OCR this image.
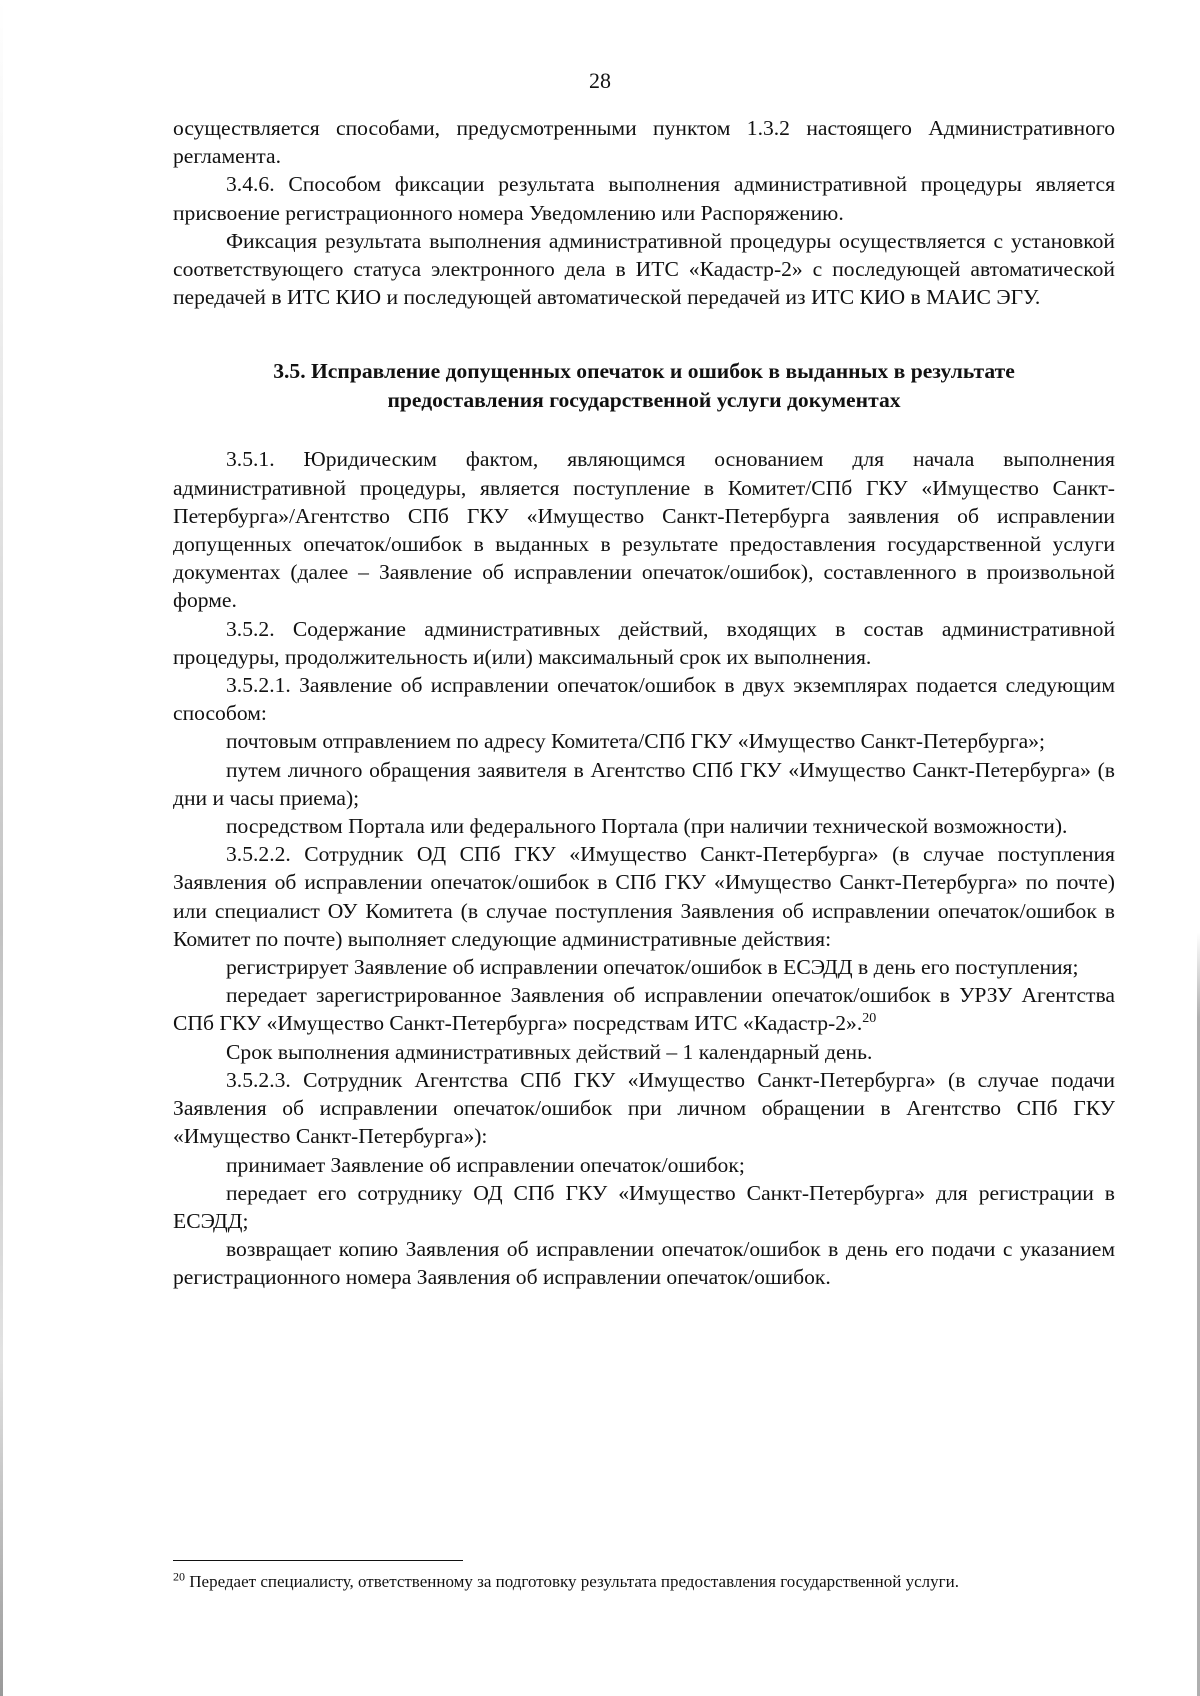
28

осуществляется способами, предусмотренными пунктом 1.3.2 настоящего Административного регламента.

3.4.6. Способом фиксации результата выполнения административной процедуры является присвоение регистрационного номера Уведомлению или Распоряжению.

Фиксация результата выполнения административной процедуры осуществляется с установкой соответствующего статуса электронного дела в ИТС «Кадастр-2» с последующей автоматической передачей в ИТС КИО и последующей автоматической передачей из ИТС КИО в МАИС ЭГУ.

3.5. Исправление допущенных опечаток и ошибок в выданных в результате предоставления государственной услуги документах

3.5.1. Юридическим фактом, являющимся основанием для начала выполнения административной процедуры, является поступление в Комитет/СПб ГКУ «Имущество Санкт-Петербурга»/Агентство СПб ГКУ «Имущество Санкт-Петербурга заявления об исправлении допущенных опечаток/ошибок в выданных в результате предоставления государственной услуги документах (далее – Заявление об исправлении опечаток/ошибок), составленного в произвольной форме.

3.5.2. Содержание административных действий, входящих в состав административной процедуры, продолжительность и(или) максимальный срок их выполнения.

3.5.2.1. Заявление об исправлении опечаток/ошибок в двух экземплярах подается следующим способом:

почтовым отправлением по адресу Комитета/СПб ГКУ «Имущество Санкт-Петербурга»;

путем личного обращения заявителя в Агентство СПб ГКУ «Имущество Санкт-Петербурга» (в дни и часы приема);

посредством Портала или федерального Портала (при наличии технической возможности).

3.5.2.2. Сотрудник ОД СПб ГКУ «Имущество Санкт-Петербурга» (в случае поступления Заявления об исправлении опечаток/ошибок в СПб ГКУ «Имущество Санкт-Петербурга» по почте) или специалист ОУ Комитета (в случае поступления Заявления об исправлении опечаток/ошибок в Комитет по почте) выполняет следующие административные действия:

регистрирует Заявление об исправлении опечаток/ошибок в ЕСЭДД в день его поступления;

передает зарегистрированное Заявления об исправлении опечаток/ошибок в УРЗУ Агентства СПб ГКУ «Имущество Санкт-Петербурга» посредствам ИТС «Кадастр-2».$^{20}$

Срок выполнения административных действий – 1 календарный день.

3.5.2.3. Сотрудник Агентства СПб ГКУ «Имущество Санкт-Петербурга» (в случае подачи Заявления об исправлении опечаток/ошибок при личном обращении в Агентство СПб ГКУ «Имущество Санкт-Петербурга»):

принимает Заявление об исправлении опечаток/ошибок;

передает его сотруднику ОД СПб ГКУ «Имущество Санкт-Петербурга» для регистрации в ЕСЭДД;

возвращает копию Заявления об исправлении опечаток/ошибок в день его подачи с указанием регистрационного номера Заявления об исправлении опечаток/ошибок.

$^{20}$ Передает специалисту, ответственному за подготовку результата предоставления государственной услуги.
